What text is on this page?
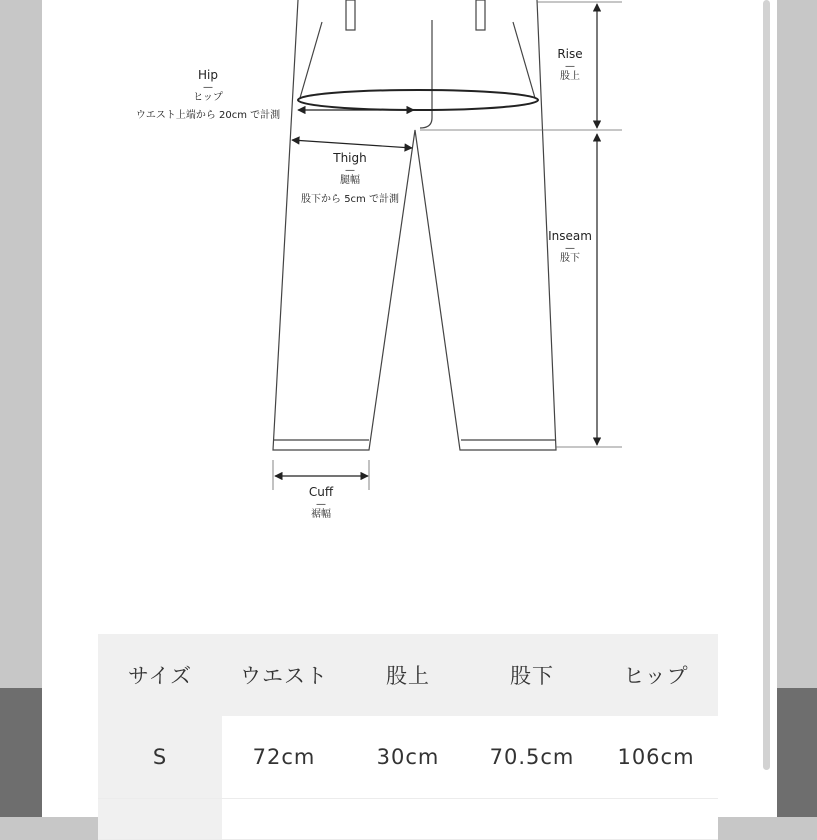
Hip
—
ヒップ
ウエスト上端から 20cm で計測
Thigh
—
腿幅
股下から 5cm で計測
Rise
—
股上
Inseam
—
股下
Cuff
—
裾幅
サイズ	ウエスト	股上	股下	ヒップ
S	72cm	30cm	70.5cm	106cm
